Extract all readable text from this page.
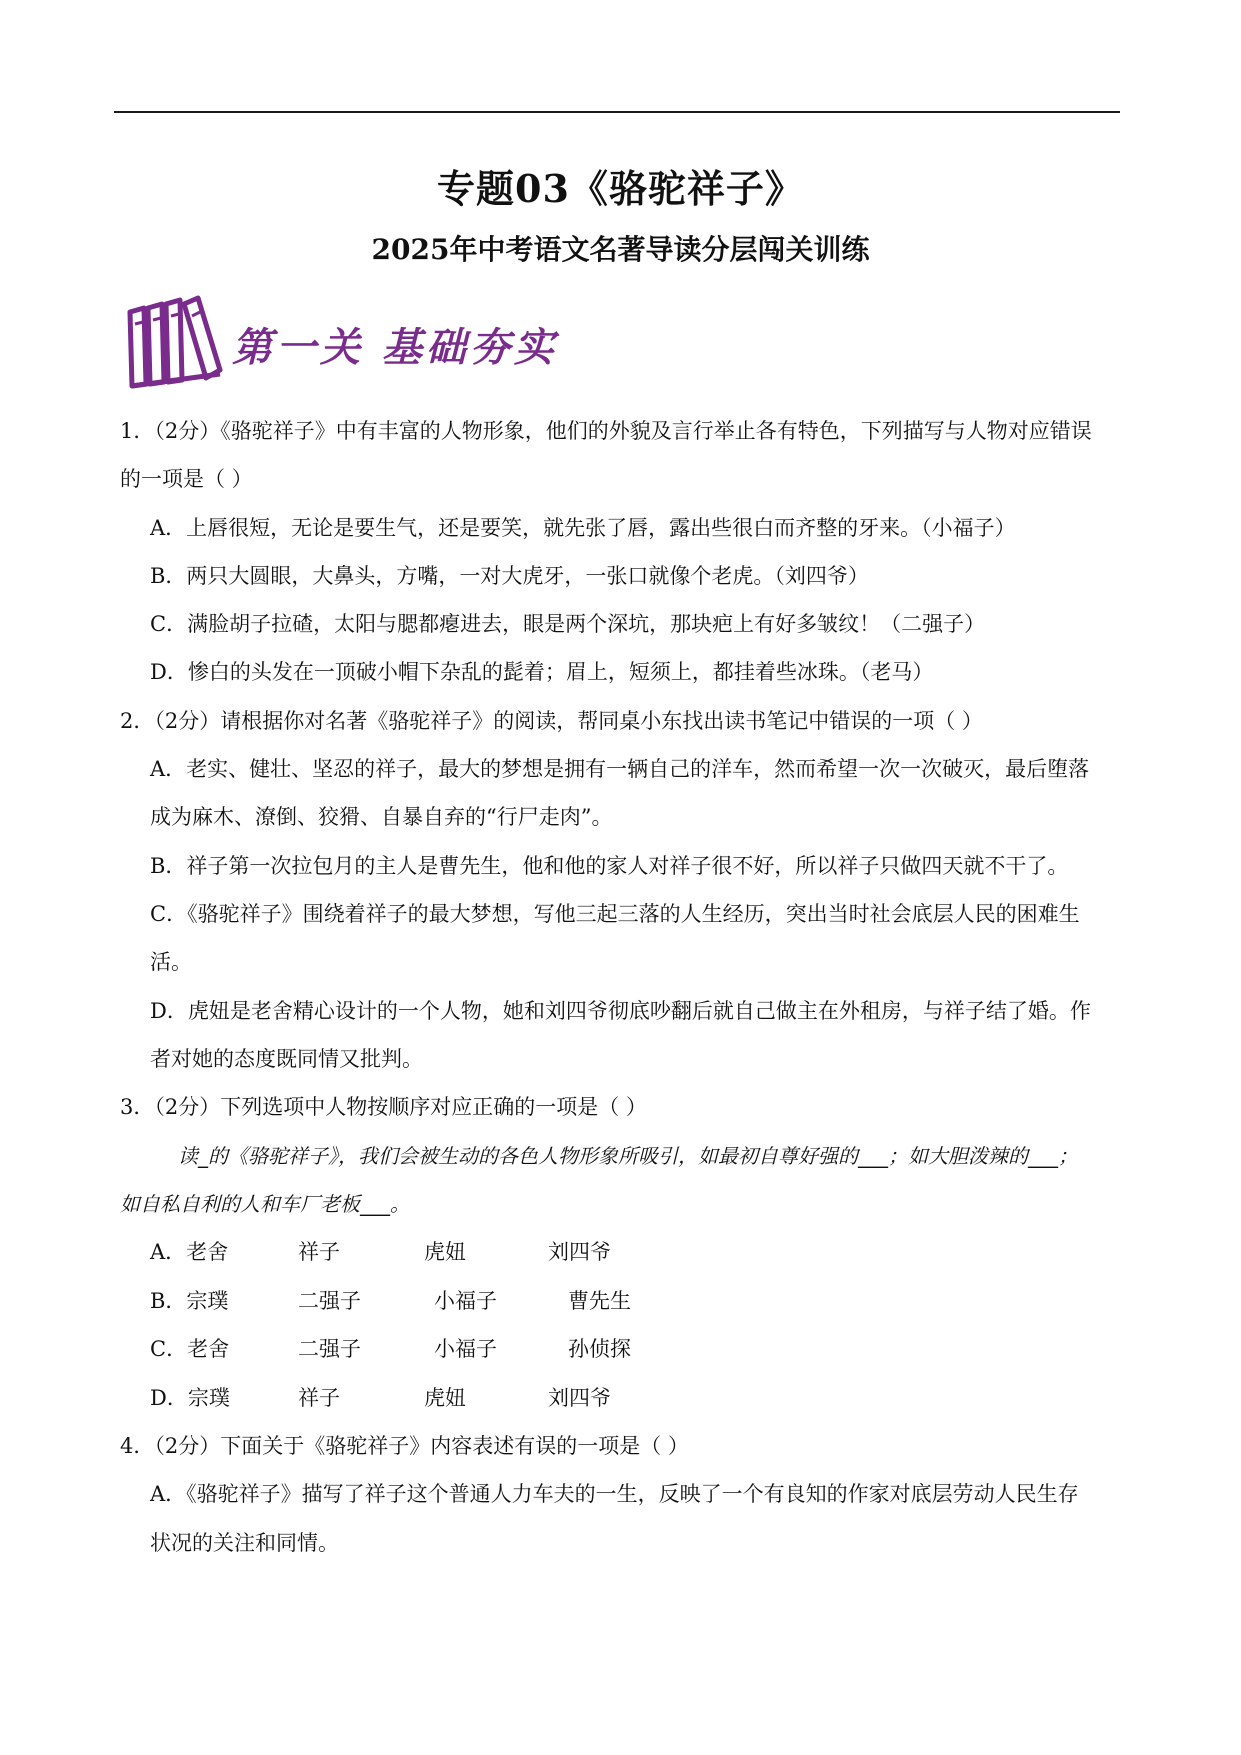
专题03《骆驼祥子》
2025年中考语文名著导读分层闯关训练
第一关 基础夯实
1．（2分）《骆驼祥子》中有丰富的人物形象，他们的外貌及言行举止各有特色，下列描写与人物对应错误
的一项是（ ）
A．上唇很短，无论是要生气，还是要笑，就先张了唇，露出些很白而齐整的牙来。（小福子）
B．两只大圆眼，大鼻头，方嘴，一对大虎牙，一张口就像个老虎。（刘四爷）
C．满脸胡子拉碴，太阳与腮都瘪进去，眼是两个深坑，那块疤上有好多皱纹！（二强子）
D．惨白的头发在一顶破小帽下杂乱的髭着；眉上，短须上，都挂着些冰珠。（老马）
2．（2分）请根据你对名著《骆驼祥子》的阅读，帮同桌小东找出读书笔记中错误的一项（ ）
A．老实、健壮、坚忍的祥子，最大的梦想是拥有一辆自己的洋车，然而希望一次一次破灭，最后堕落
成为麻木、潦倒、狡猾、自暴自弃的“行尸走肉”。
B．祥子第一次拉包月的主人是曹先生，他和他的家人对祥子很不好，所以祥子只做四天就不干了。
C．《骆驼祥子》围绕着祥子的最大梦想，写他三起三落的人生经历，突出当时社会底层人民的困难生
活。
D．虎妞是老舍精心设计的一个人物，她和刘四爷彻底吵翻后就自己做主在外租房，与祥子结了婚。作
者对她的态度既同情又批判。
3．（2分）下列选项中人物按顺序对应正确的一项是（ ）
读_的《骆驼祥子》，我们会被生动的各色人物形象所吸引，如最初自尊好强的___；如大胆泼辣的___；
如自私自利的人和车厂老板___。
A．老舍	祥子	虎妞	刘四爷
B．宗璞	二强子	小福子	曹先生
C．老舍	二强子	小福子	孙侦探
D．宗璞	祥子	虎妞	刘四爷
4．（2分）下面关于《骆驼祥子》内容表述有误的一项是（ ）
A．《骆驼祥子》描写了祥子这个普通人力车夫的一生，反映了一个有良知的作家对底层劳动人民生存
状况的关注和同情。
